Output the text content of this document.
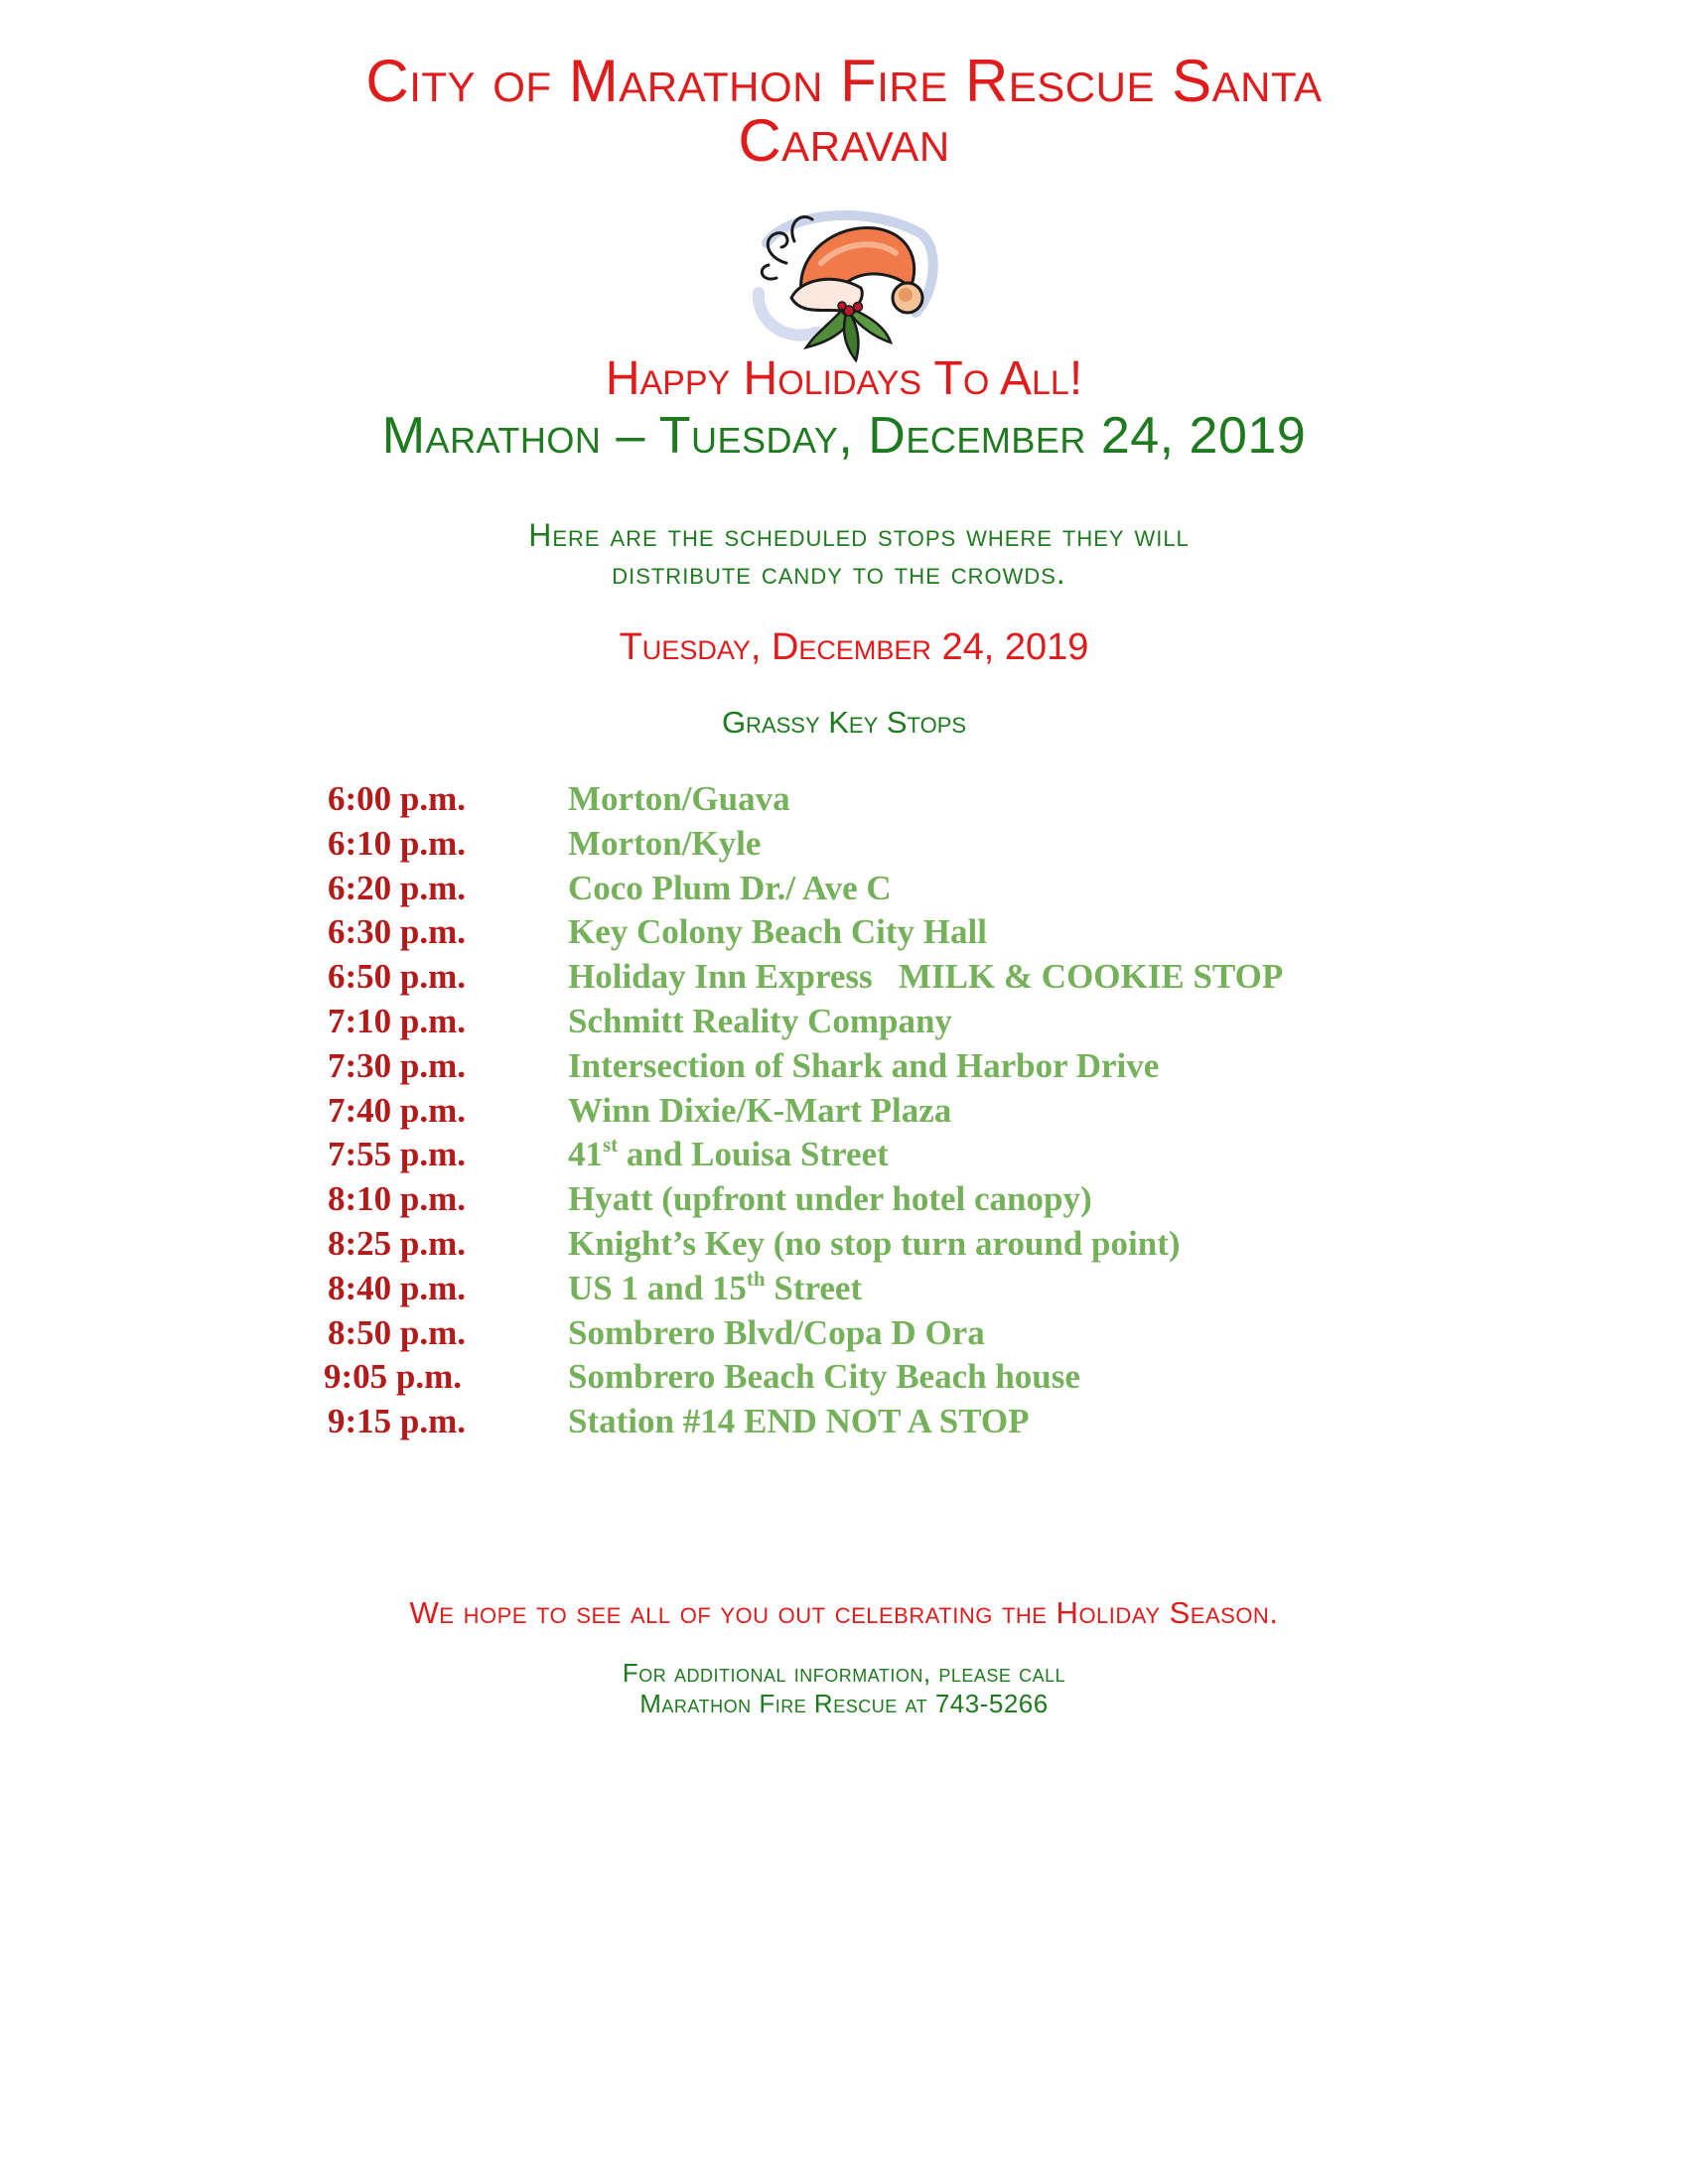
City of Marathon Fire Rescue Santa
Caravan
Happy Holidays To All!
Marathon – Tuesday, December 24, 2019
Here are the scheduled stops where they will
distribute candy to the crowds.
Tuesday, December 24, 2019
Grassy Key Stops
6:00 p.m.	Morton/Guava
6:10 p.m.	Morton/Kyle
6:20 p.m.	Coco Plum Dr./ Ave C
6:30 p.m.	Key Colony Beach City Hall
6:50 p.m.	Holiday Inn Express   MILK & COOKIE STOP
7:10 p.m.	Schmitt Reality Company
7:30 p.m.	Intersection of Shark and Harbor Drive
7:40 p.m.	Winn Dixie/K-Mart Plaza
7:55 p.m.	41st and Louisa Street
8:10 p.m.	Hyatt (upfront under hotel canopy)
8:25 p.m.	Knight’s Key (no stop turn around point)
8:40 p.m.	US 1 and 15th Street
8:50 p.m.	Sombrero Blvd/Copa D Ora
9:05 p.m.	Sombrero Beach City Beach house
9:15 p.m.	Station #14 END NOT A STOP
We hope to see all of you out celebrating the Holiday Season.
For additional information, please call
Marathon Fire Rescue at 743-5266
